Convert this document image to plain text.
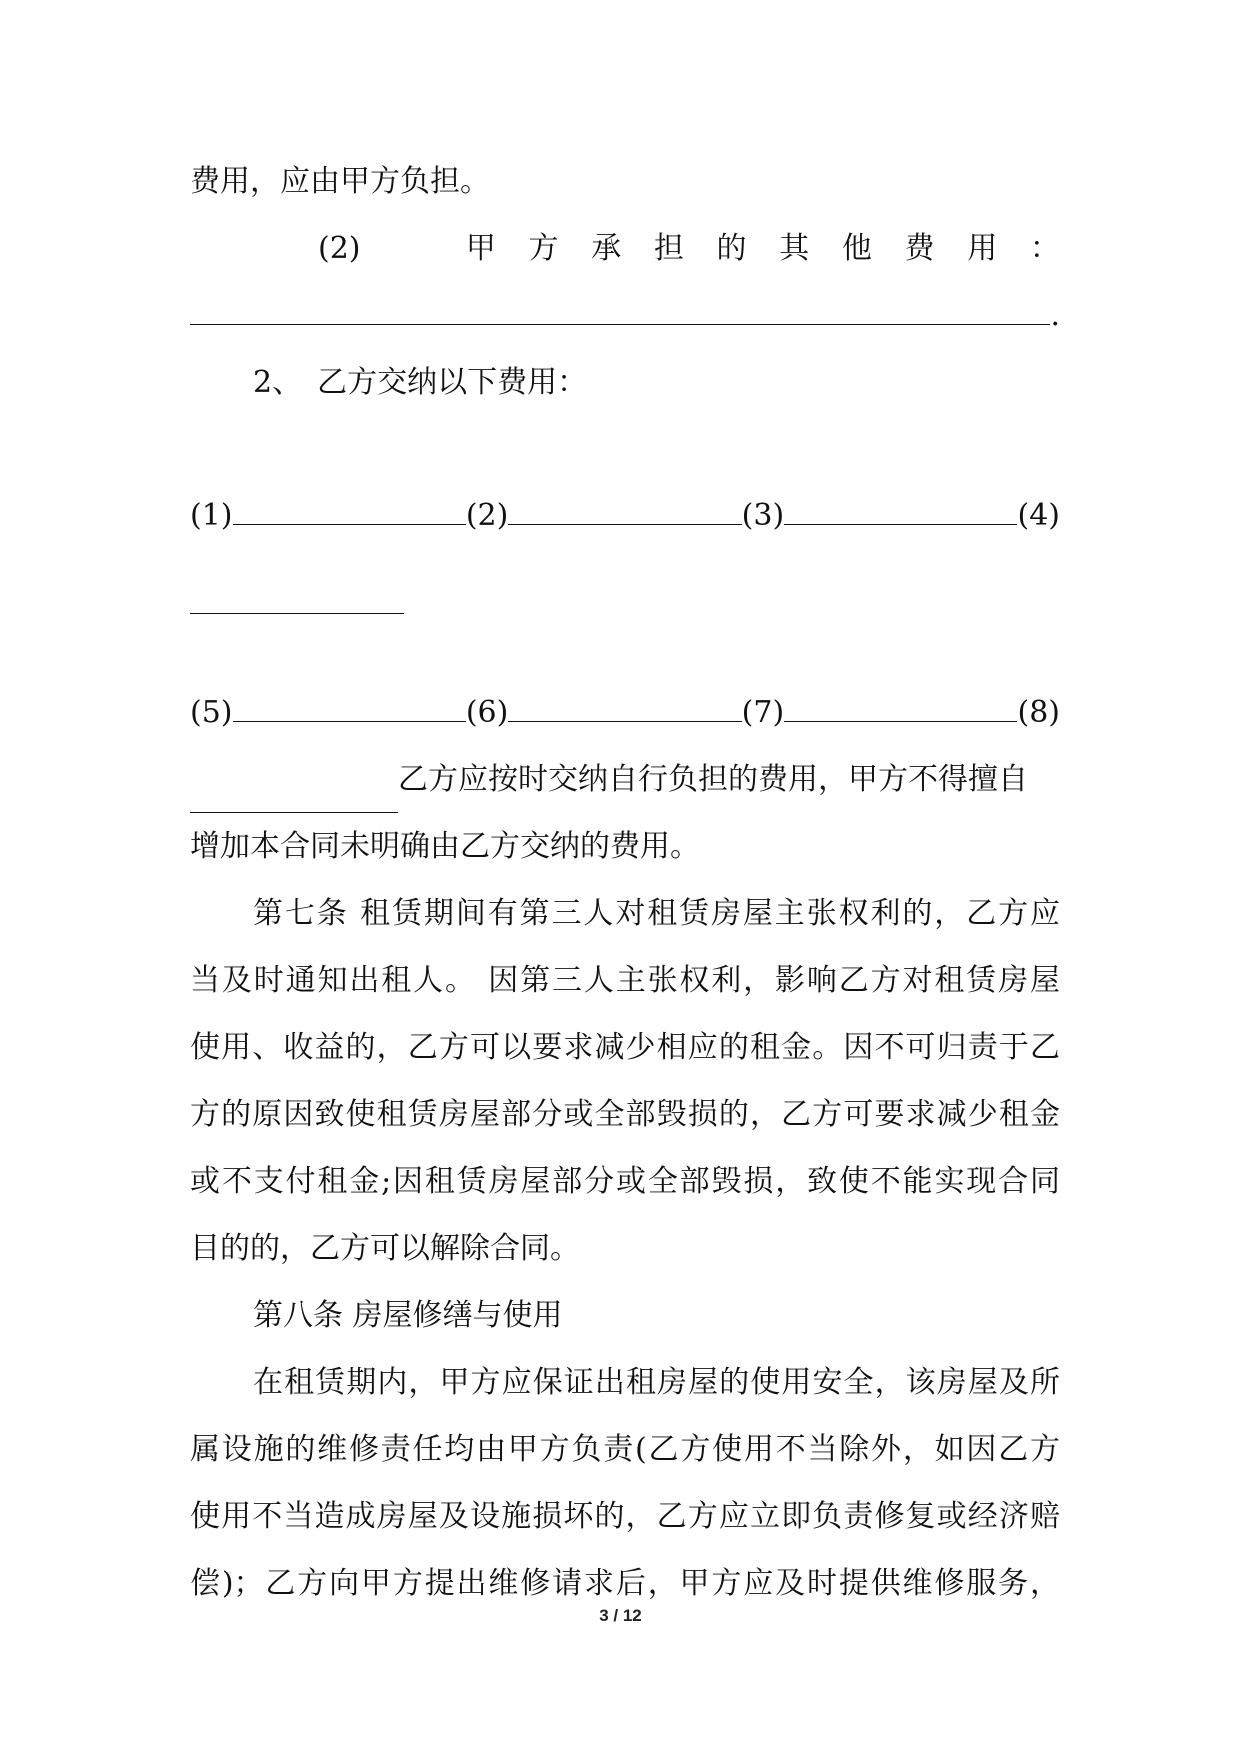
费用，应由甲方负担。
(2)	甲 方 承 担 的 其 他 费 用 ：
.
2、　乙方交纳以下费用：
(1)	(2)	(3)	(4)
(5)	(6)	(7)	(8)
乙方应按时交纳自行负担的费用，甲方不得擅自
增加本合同未明确由乙方交纳的费用。
第七条 租赁期间有第三人对租赁房屋主张权利的，乙方应
当及时通知出租人。 因第三人主张权利，影响乙方对租赁房屋
使用、收益的，乙方可以要求减少相应的租金。因不可归责于乙
方的原因致使租赁房屋部分或全部毁损的，乙方可要求减少租金
或不支付租金;因租赁房屋部分或全部毁损，致使不能实现合同
目的的，乙方可以解除合同。
第八条 房屋修缮与使用
在租赁期内，甲方应保证出租房屋的使用安全，该房屋及所
属设施的维修责任均由甲方负责(乙方使用不当除外，如因乙方
使用不当造成房屋及设施损坏的，乙方应立即负责修复或经济赔
偿)；乙方向甲方提出维修请求后，甲方应及时提供维修服务，
3 / 12
